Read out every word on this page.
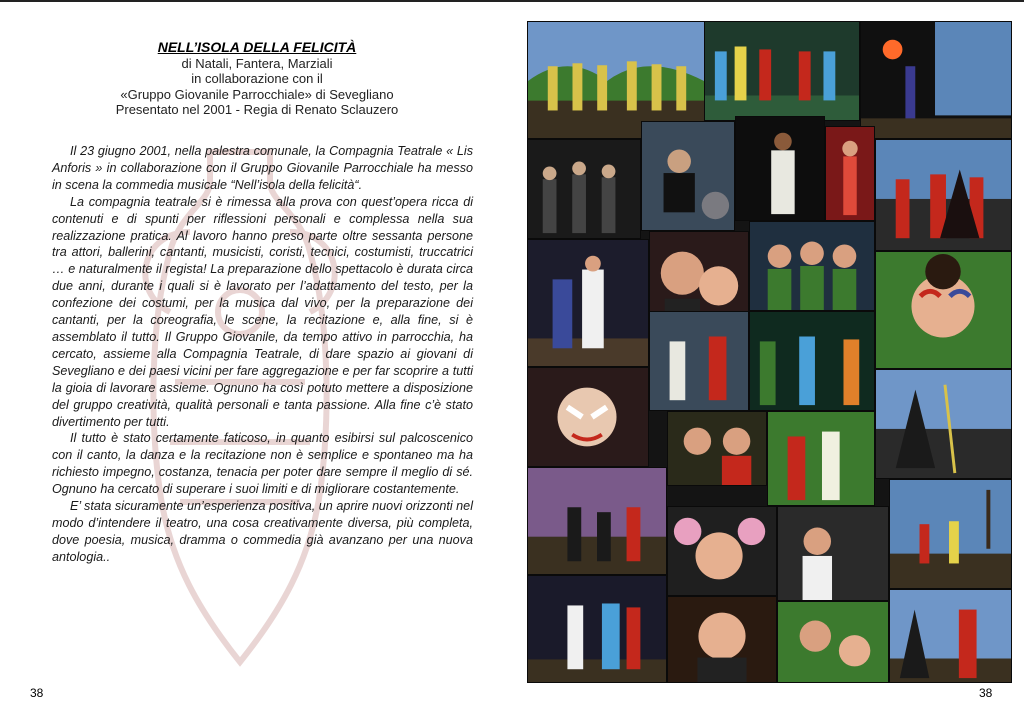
NELL’ISOLA DELLA FELICITÀ
di Natali, Fantera, Marziali
in collaborazione con il
«Gruppo Giovanile Parrocchiale» di Sevegliano
Presentato nel 2001 - Regia di Renato Sclauzero

Il 23 giugno 2001, nella palestra comunale, la Compagnia Teatrale « Lis Anforis » in collaborazione con il Gruppo Giovanile Parrocchiale ha messo in scena la commedia musicale “Nell’isola della felicità“.

La compagnia teatrale si è rimessa alla prova con quest’opera ricca di contenuti e di spunti per riflessioni personali e complessa nella sua realizzazione pratica. Al lavoro hanno preso parte oltre sessanta persone tra attori, ballerini, cantanti, musicisti, coristi, tecnici, costumisti, truccatrici … e naturalmente il regista! La preparazione dello spettacolo è durata circa due anni, durante i quali si è lavorato per l’adattamento del testo, per la confezione dei costumi, per la musica dal vivo, per la preparazione dei cantanti, per la coreografia, le scene, la recitazione e, alla fine, si è assemblato il tutto. Il Gruppo Giovanile, da tempo attivo in parrocchia, ha cercato, assieme alla Compagnia Teatrale, di dare spazio ai giovani di Sevegliano e dei paesi vicini per fare aggregazione e per far scoprire a tutti la gioia di lavorare assieme. Ognuno ha così potuto mettere a disposizione del gruppo creatività, qualità personali e tanta passione. Alla fine c’è stato divertimento per tutti.

Il tutto è stato certamente faticoso, in quanto esibirsi sul palcoscenico con il canto, la danza e la recitazione non è semplice e spontaneo ma ha richiesto impegno, costanza, tenacia per poter dare sempre il meglio di sé. Ognuno ha cercato di superare i suoi limiti e di migliorare costantemente.

E’ stata sicuramente un’esperienza positiva, un aprire nuovi orizzonti nel modo d’intendere il teatro, una cosa creativamente diversa, più completa, dove poesia, musica, dramma o commedia già avanzano per una nuova antologia..

38	38
